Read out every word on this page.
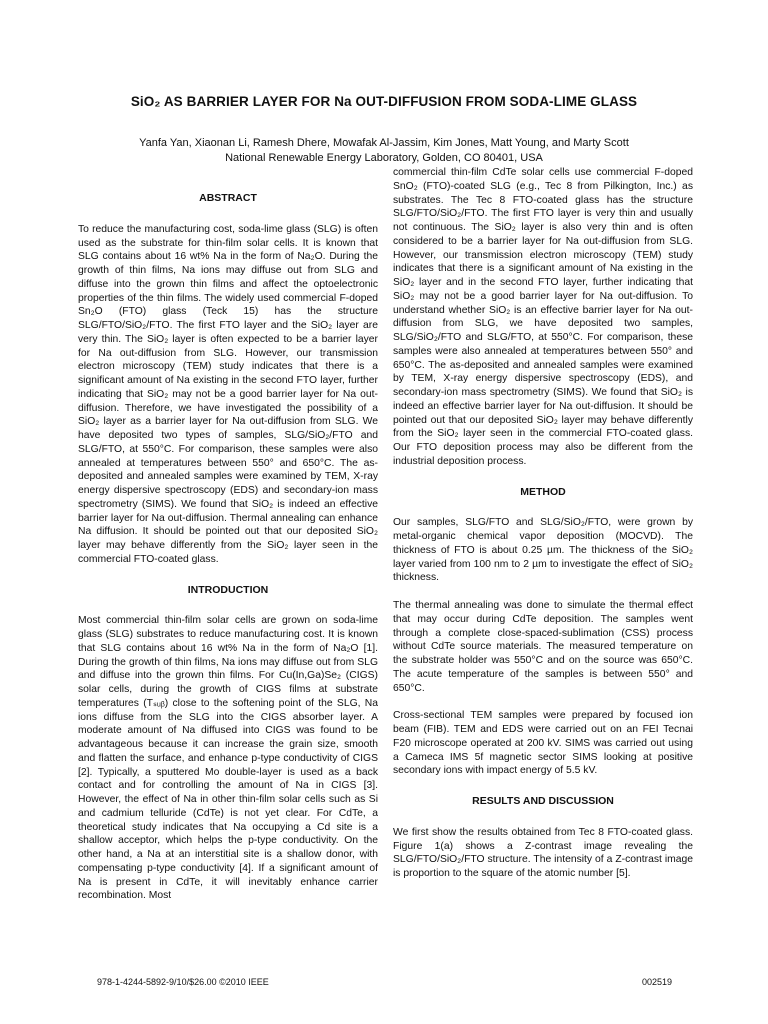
SiO₂ AS BARRIER LAYER FOR Na OUT-DIFFUSION FROM SODA-LIME GLASS
Yanfa Yan, Xiaonan Li, Ramesh Dhere, Mowafak Al-Jassim, Kim Jones, Matt Young, and Marty Scott
National Renewable Energy Laboratory, Golden, CO 80401, USA

ABSTRACT

To reduce the manufacturing cost, soda-lime glass (SLG) is often used as the substrate for thin-film solar cells. It is known that SLG contains about 16 wt% Na in the form of Na₂O. During the growth of thin films, Na ions may diffuse out from SLG and diffuse into the grown thin films and affect the optoelectronic properties of the thin films. The widely used commercial F-doped Sn₂O (FTO) glass (Teck 15) has the structure SLG/FTO/SiO₂/FTO. The first FTO layer and the SiO₂ layer are very thin. The SiO₂ layer is often expected to be a barrier layer for Na out-diffusion from SLG. However, our transmission electron microscopy (TEM) study indicates that there is a significant amount of Na existing in the second FTO layer, further indicating that SiO₂ may not be a good barrier layer for Na out-diffusion. Therefore, we have investigated the possibility of a SiO₂ layer as a barrier layer for Na out-diffusion from SLG. We have deposited two types of samples, SLG/SiO₂/FTO and SLG/FTO, at 550°C. For comparison, these samples were also annealed at temperatures between 550° and 650°C. The as-deposited and annealed samples were examined by TEM, X-ray energy dispersive spectroscopy (EDS) and secondary-ion mass spectrometry (SIMS). We found that SiO₂ is indeed an effective barrier layer for Na out-diffusion. Thermal annealing can enhance Na diffusion. It should be pointed out that our deposited SiO₂ layer may behave differently from the SiO₂ layer seen in the commercial FTO-coated glass.

INTRODUCTION

Most commercial thin-film solar cells are grown on soda-lime glass (SLG) substrates to reduce manufacturing cost. It is known that SLG contains about 16 wt% Na in the form of Na₂O [1]. During the growth of thin films, Na ions may diffuse out from SLG and diffuse into the grown thin films. For Cu(In,Ga)Se₂ (CIGS) solar cells, during the growth of CIGS films at substrate temperatures (Tₛᵤᵦ) close to the softening point of the SLG, Na ions diffuse from the SLG into the CIGS absorber layer. A moderate amount of Na diffused into CIGS was found to be advantageous because it can increase the grain size, smooth and flatten the surface, and enhance p-type conductivity of CIGS [2]. Typically, a sputtered Mo double-layer is used as a back contact and for controlling the amount of Na in CIGS [3]. However, the effect of Na in other thin-film solar cells such as Si and cadmium telluride (CdTe) is not yet clear. For CdTe, a theoretical study indicates that Na occupying a Cd site is a shallow acceptor, which helps the p-type conductivity. On the other hand, a Na at an interstitial site is a shallow donor, with compensating p-type conductivity [4]. If a significant amount of Na is present in CdTe, it will inevitably enhance carrier recombination. Most

commercial thin-film CdTe solar cells use commercial F-doped SnO₂ (FTO)-coated SLG (e.g., Tec 8 from Pilkington, Inc.) as substrates. The Tec 8 FTO-coated glass has the structure SLG/FTO/SiO₂/FTO. The first FTO layer is very thin and usually not continuous. The SiO₂ layer is also very thin and is often considered to be a barrier layer for Na out-diffusion from SLG. However, our transmission electron microscopy (TEM) study indicates that there is a significant amount of Na existing in the SiO₂ layer and in the second FTO layer, further indicating that SiO₂ may not be a good barrier layer for Na out-diffusion. To understand whether SiO₂ is an effective barrier layer for Na out-diffusion from SLG, we have deposited two samples, SLG/SiO₂/FTO and SLG/FTO, at 550°C. For comparison, these samples were also annealed at temperatures between 550° and 650°C. The as-deposited and annealed samples were examined by TEM, X-ray energy dispersive spectroscopy (EDS), and secondary-ion mass spectrometry (SIMS). We found that SiO₂ is indeed an effective barrier layer for Na out-diffusion. It should be pointed out that our deposited SiO₂ layer may behave differently from the SiO₂ layer seen in the commercial FTO-coated glass. Our FTO deposition process may also be different from the industrial deposition process.

METHOD

Our samples, SLG/FTO and SLG/SiO₂/FTO, were grown by metal-organic chemical vapor deposition (MOCVD). The thickness of FTO is about 0.25 µm. The thickness of the SiO₂ layer varied from 100 nm to 2 µm to investigate the effect of SiO₂ thickness.

The thermal annealing was done to simulate the thermal effect that may occur during CdTe deposition. The samples went through a complete close-spaced-sublimation (CSS) process without CdTe source materials. The measured temperature on the substrate holder was 550°C and on the source was 650°C. The acute temperature of the samples is between 550° and 650°C.

Cross-sectional TEM samples were prepared by focused ion beam (FIB). TEM and EDS were carried out on an FEI Tecnai F20 microscope operated at 200 kV. SIMS was carried out using a Cameca IMS 5f magnetic sector SIMS looking at positive secondary ions with impact energy of 5.5 kV.

RESULTS AND DISCUSSION

We first show the results obtained from Tec 8 FTO-coated glass. Figure 1(a) shows a Z-contrast image revealing the SLG/FTO/SiO₂/FTO structure. The intensity of a Z-contrast image is proportion to the square of the atomic number [5].

978-1-4244-5892-9/10/$26.00 ©2010 IEEE	002519
